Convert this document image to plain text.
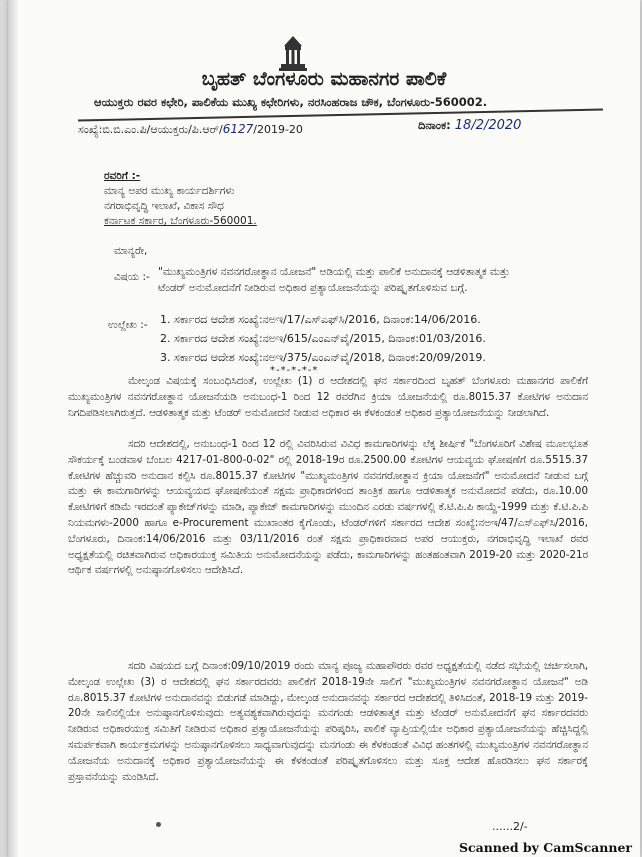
ಬೃಹತ್ ಬೆಂಗಳೂರು ಮಹಾನಗರ ಪಾಲಿಕೆ
ಆಯುಕ್ತರು ರವರ ಕಛೇರಿ, ಪಾಲಿಕೆಯ ಮುಖ್ಯ ಕಛೇರಿಗಳು, ನರಸಿಂಹರಾಜ ಚೌಕ, ಬೆಂಗಳೂರು-560002.
ಸಂಖ್ಯೆ:ಬಿ.ಬಿ.ಎಂ.ಪಿ/ಆಯುಕ್ತರು/ಪಿ.ಆರ್/6127/2019-20	ದಿನಾಂಕ: 18/2/2020
ರವರಿಗೆ :-
ಮಾನ್ಯ ಅಪರ ಮುಖ್ಯ ಕಾರ್ಯದರ್ಶಿಗಳು
ನಗರಾಭಿವೃದ್ಧಿ ಇಲಾಖೆ, ವಿಕಾಸ ಸೌಧ
ಕರ್ನಾಟಕ ಸರ್ಕಾರ, ಬೆಂಗಳೂರು-560001.
ಮಾನ್ಯರೇ,
ವಿಷಯ :- "ಮುಖ್ಯಮಂತ್ರಿಗಳ ನವನಗರೋತ್ಥಾನ ಯೋಜನೆ" ಅಡಿಯಲ್ಲಿ ಮತ್ತು ಪಾಲಿಕೆ ಅನುದಾನಕ್ಕೆ ಆಡಳಿತಾತ್ಮಕ ಮತ್ತು ಟೆಂಡರ್ ಅನುಮೋದನೆಗೆ ನೀಡಿರುವ ಅಧಿಕಾರ ಪ್ರತ್ಯಾಯೋಜನೆಯನ್ನು ಪರಿಷ್ಕೃತಗೊಳಿಸುವ ಬಗ್ಗೆ.
ಉಲ್ಲೇಖ :- 1. ಸರ್ಕಾರದ ಆದೇಶ ಸಂಖ್ಯೆ:ನಅಇ/17/ಎಸ್‌ಎಫ್‌ಸಿ/2016, ದಿನಾಂಕ:14/06/2016.
2. ಸರ್ಕಾರದ ಆದೇಶ ಸಂಖ್ಯೆ:ನಅಇ/615/ಎಂಎನ್‌ವೈ/2015, ದಿನಾಂಕ:01/03/2016.
3. ಸರ್ಕಾರದ ಆದೇಶ ಸಂಖ್ಯೆ:ನಅಇ/375/ಎಂಎನ್‌ವೈ/2018, ದಿನಾಂಕ:20/09/2019.
*-*-*-*-*

ಮೇಲ್ಕಂಡ ವಿಷಯಕ್ಕೆ ಸಂಬಂಧಿಸಿದಂತೆ, ಉಲ್ಲೇಖ (1) ರ ಆದೇಶದಲ್ಲಿ ಘನ ಸರ್ಕಾರದಿಂದ ಬೃಹತ್ ಬೆಂಗಳೂರು ಮಹಾನಗರ ಪಾಲಿಕೆಗೆ ಮುಖ್ಯಮಂತ್ರಿಗಳ ನವನಗರೋತ್ಥಾನ ಯೋಜನೆಯಡಿ ಅನುಬಂಧ-1 ರಿಂದ 12 ರವರೆಗಿನ ಕ್ರಿಯಾ ಯೋಜನೆಯಲ್ಲಿ ರೂ.8015.37 ಕೋಟಿಗಳ ಅನುದಾನ ನಿಗದಿಪಡಿಸಲಾಗಿರುತ್ತದೆ. ಆಡಳಿತಾತ್ಮಕ ಮತ್ತು ಟೆಂಡರ್ ಅನುಮೋದನೆ ನೀಡುವ ಅಧಿಕಾರ ಈ ಕೆಳಕಂಡಂತೆ ಅಧಿಕಾರ ಪ್ರತ್ಯಾಯೋಜನೆಯನ್ನು ನೀಡಲಾಗಿದೆ.

ಸದರಿ ಆದೇಶದಲ್ಲಿ, ಅನುಬಂಧ-1 ರಿಂದ 12 ರಲ್ಲಿ ವಿವರಿಸಿರುವ ವಿವಿಧ ಕಾಮಗಾರಿಗಳನ್ನು ಲೆಕ್ಕ ಶೀರ್ಷಿಕೆ "ಬೆಂಗಳೂರಿಗೆ ವಿಶೇಷ ಮೂಲಭೂತ ಸೌಕರ್ಯಕ್ಕೆ ಬಂಡವಾಳ ಬೆಂಬಲ 4217-01-800-0-02" ರಲ್ಲಿ 2018-19ರ ರೂ.2500.00 ಕೋಟಿಗಳ ಆಯವ್ಯಯ ಘೋಷಣೆಗೆ ರೂ.5515.37 ಕೋಟಿಗಳ ಹೆಚ್ಚುವರಿ ಅನುದಾನ ಕಲ್ಪಿಸಿ ರೂ.8015.37 ಕೋಟಿಗಳ "ಮುಖ್ಯಮಂತ್ರಿಗಳ ನವನಗರೋತ್ಥಾನ ಕ್ರಿಯಾ ಯೋಜನೆಗೆ" ಅನುಮೋದನೆ ನೀಡುವ ಬಗ್ಗೆ ಮತ್ತು ಈ ಕಾಮಗಾರಿಗಳನ್ನು ಆಯವ್ಯಯದ ಘೋಷಣೆಯಂತೆ ಸಕ್ಷಮ ಪ್ರಾಧಿಕಾರಗಳಿಂದ ತಾಂತ್ರಿಕ ಹಾಗೂ ಆಡಳಿತಾತ್ಮಕ ಅನುಮೋದನೆ ಪಡೆದು, ರೂ.10.00 ಕೋಟಿಗಳಿಗೆ ಕಡಿಮೆ ಇರದಂತೆ ಪ್ಯಾಕೇಜ್‌ಗಳನ್ನು ಮಾಡಿ, ಪ್ಯಾಕೇಜ್ ಕಾಮಗಾರಿಗಳನ್ನು ಮುಂದಿನ ಎರಡು ವರ್ಷಗಳಲ್ಲಿ ಕೆ.ಟಿ.ಪಿ.ಪಿ ಕಾಯ್ದೆ-1999 ಮತ್ತು ಕೆ.ಟಿ.ಪಿ.ಪಿ ನಿಯಮಗಳು-2000 ಹಾಗೂ e-Procurement ಮುಖಾಂತರ ಕೈಗೊಂಡು, ಟೆಂಡರ್‌ಗಳಿಗೆ ಸರ್ಕಾರದ ಆದೇಶ ಸಂಖ್ಯೆ:ನಅಇ/47/ಎಸ್‌ಎಫ್‌ಸಿ/2016, ಬೆಂಗಳೂರು, ದಿನಾಂಕ:14/06/2016 ಮತ್ತು 03/11/2016 ರಂತೆ ಸಕ್ಷಮ ಪ್ರಾಧಿಕಾರವಾದ ಅಪರ ಆಯುಕ್ತರು, ನಗರಾಭಿವೃದ್ಧಿ ಇಲಾಖೆ ರವರ ಅಧ್ಯಕ್ಷತೆಯಲ್ಲಿ ರಚಿತವಾಗಿರುವ ಅಧಿಕಾರಯುಕ್ತ ಸಮಿತಿಯ ಅನುಮೋದನೆಯನ್ನು ಪಡೆದು, ಕಾಮಗಾರಿಗಳನ್ನು ಹಂತಹಂತವಾಗಿ 2019-20 ಮತ್ತು 2020-21ರ ಆರ್ಥಿಕ ವರ್ಷಗಳಲ್ಲಿ ಅನುಷ್ಠಾನಗೊಳಿಸಲು ಆದೇಶಿಸಿದೆ.

ಸದರಿ ವಿಷಯದ ಬಗ್ಗೆ ದಿನಾಂಕ:09/10/2019 ರಂದು ಮಾನ್ಯ ಪೂಜ್ಯ ಮಹಾಪೌರರು ರವರ ಅಧ್ಯಕ್ಷತೆಯಲ್ಲಿ ನಡೆದ ಸಭೆಯಲ್ಲಿ ಚರ್ಚಿಸಲಾಗಿ, ಮೇಲ್ಕಂಡ ಉಲ್ಲೇಖ (3) ರ ಆದೇಶದಲ್ಲಿ ಘನ ಸರ್ಕಾರದವರು ಪಾಲಿಕೆಗೆ 2018-19ನೇ ಸಾಲಿಗೆ "ಮುಖ್ಯಮಂತ್ರಿಗಳ ನವನಗರೋತ್ಥಾನ ಯೋಜನೆ" ಅಡಿ ರೂ.8015.37 ಕೋಟಿಗಳ ಅನುದಾನವನ್ನು ಬಿಡುಗಡೆ ಮಾಡಿದ್ದು, ಮೇಲ್ಕಂಡ ಅನುದಾನವನ್ನು ಸರ್ಕಾರದ ಆದೇಶದಲ್ಲಿ ತಿಳಿಸಿದಂತೆ, 2018-19 ಮತ್ತು 2019-20ನೇ ಸಾಲಿನಲ್ಲಿಯೇ ಅನುಷ್ಠಾನಗೊಳಿಸುವುದು ಅತ್ಯವಶ್ಯಕವಾಗಿರುವುದನ್ನು ಮನಗಂಡು ಆಡಳಿತಾತ್ಮಕ ಮತ್ತು ಟೆಂಡರ್ ಅನುಮೋದನೆಗೆ ಘನ ಸರ್ಕಾರದವರು ನೀಡಿರುವ ಅಧಿಕಾರಯುಕ್ತ ಸಮಿತಿಗೆ ನೀಡಿರುವ ಅಧಿಕಾರ ಪ್ರತ್ಯಾಯೋಜನೆಯನ್ನು ಪರಿಷ್ಕರಿಸಿ, ಪಾಲಿಕೆ ವ್ಯಾಪ್ತಿಯಲ್ಲಿಯೇ ಅಧಿಕಾರ ಪ್ರತ್ಯಾಯೋಜನೆಯನ್ನು ಹೆಚ್ಚಿಸಿದ್ದಲ್ಲಿ ಸಮರ್ಪಕವಾಗಿ ಕಾರ್ಯಕ್ರಮಗಳನ್ನು ಅನುಷ್ಠಾನಗೊಳಿಸಲು ಸಾಧ್ಯವಾಗುವುದನ್ನು ಮನಗಂಡು ಈ ಕೆಳಕಂಡಂತೆ ವಿವಿಧ ಹಂತಗಳಲ್ಲಿ ಮುಖ್ಯಮಂತ್ರಿಗಳ ನವನಗರೋತ್ಥಾನ ಯೋಜನೆಯ ಅನುದಾನಕ್ಕೆ ಅಧಿಕಾರ ಪ್ರತ್ಯಾಯೋಜನೆಯನ್ನು ಈ ಕೆಳಕಂಡಂತೆ ಪರಿಷ್ಕೃತಗೊಳಿಸಲು ಮತ್ತು ಸೂಕ್ತ ಆದೇಶ ಹೊರಡಿಸಲು ಘನ ಸರ್ಕಾರಕ್ಕೆ ಪ್ರಸ್ತಾವನೆಯನ್ನು ಮಂಡಿಸಿದೆ.

......2/-
Scanned by CamScanner
